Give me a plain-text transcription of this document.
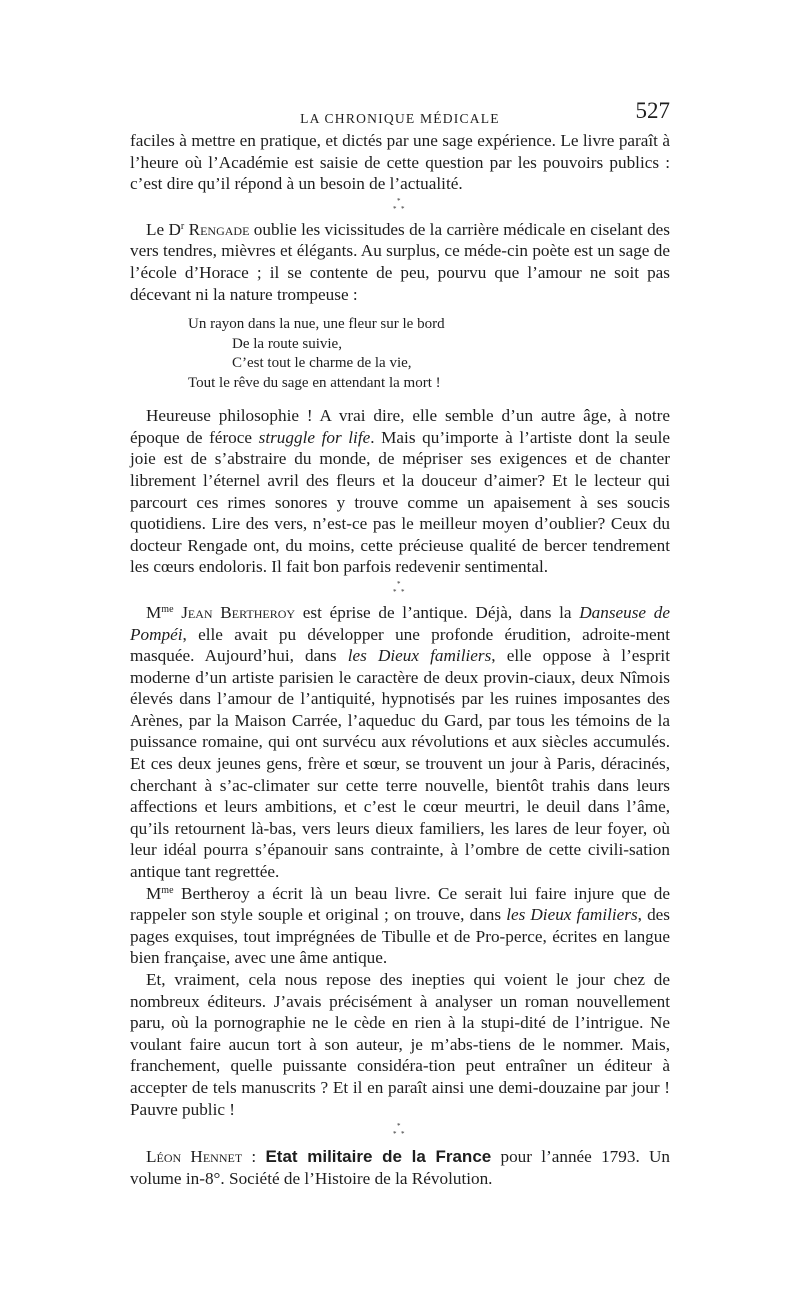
LA CHRONIQUE MÉDICALE	527

faciles à mettre en pratique, et dictés par une sage expérience. Le livre paraît à l’heure où l’Académie est saisie de cette question par les pouvoirs publics : c’est dire qu’il répond à un besoin de l’actualité.

*
* *

Le $D^r$ Rengade oublie les vicissitudes de la carrière médicale en ciselant des vers tendres, mièvres et élégants. Au surplus, ce méde-cin poète est un sage de l’école d’Horace ; il se contente de peu, pourvu que l’amour ne soit pas décevant ni la nature trompeuse :

Un rayon dans la nue, une fleur sur le bord
De la route suivie,
C’est tout le charme de la vie,
Tout le rêve du sage en attendant la mort !

Heureuse philosophie ! A vrai dire, elle semble d’un autre âge, à notre époque de féroce struggle for life. Mais qu’importe à l’artiste dont la seule joie est de s’abstraire du monde, de mépriser ses exigences et de chanter librement l’éternel avril des fleurs et la douceur d’aimer? Et le lecteur qui parcourt ces rimes sonores y trouve comme un apaisement à ses soucis quotidiens. Lire des vers, n’est-ce pas le meilleur moyen d’oublier? Ceux du docteur Rengade ont, du moins, cette précieuse qualité de bercer tendrement les cœurs endoloris. Il fait bon parfois redevenir sentimental.

*
* *

$M^{me}$ Jean Bertheroy est éprise de l’antique. Déjà, dans la Danseuse de Pompéi, elle avait pu développer une profonde érudition, adroite-ment masquée. Aujourd’hui, dans les Dieux familiers, elle oppose à l’esprit moderne d’un artiste parisien le caractère de deux provin-ciaux, deux Nîmois élevés dans l’amour de l’antiquité, hypnotisés par les ruines imposantes des Arènes, par la Maison Carrée, l’aqueduc du Gard, par tous les témoins de la puissance romaine, qui ont survécu aux révolutions et aux siècles accumulés. Et ces deux jeunes gens, frère et sœur, se trouvent un jour à Paris, déracinés, cherchant à s’ac-climater sur cette terre nouvelle, bientôt trahis dans leurs affections et leurs ambitions, et c’est le cœur meurtri, le deuil dans l’âme, qu’ils retournent là-bas, vers leurs dieux familiers, les lares de leur foyer, où leur idéal pourra s’épanouir sans contrainte, à l’ombre de cette civili-sation antique tant regrettée.

$M^{me}$ Bertheroy a écrit là un beau livre. Ce serait lui faire injure que de rappeler son style souple et original ; on trouve, dans les Dieux familiers, des pages exquises, tout imprégnées de Tibulle et de Pro-perce, écrites en langue bien française, avec une âme antique.

Et, vraiment, cela nous repose des inepties qui voient le jour chez de nombreux éditeurs. J’avais précisément à analyser un roman nouvellement paru, où la pornographie ne le cède en rien à la stupi-dité de l’intrigue. Ne voulant faire aucun tort à son auteur, je m’abs-tiens de le nommer. Mais, franchement, quelle puissante considéra-tion peut entraîner un éditeur à accepter de tels manuscrits ? Et il en paraît ainsi une demi-douzaine par jour ! Pauvre public !

*
* *

Léon Hennet : Etat militaire de la France pour l’année 1793. Un volume in-8°. Société de l’Histoire de la Révolution.
